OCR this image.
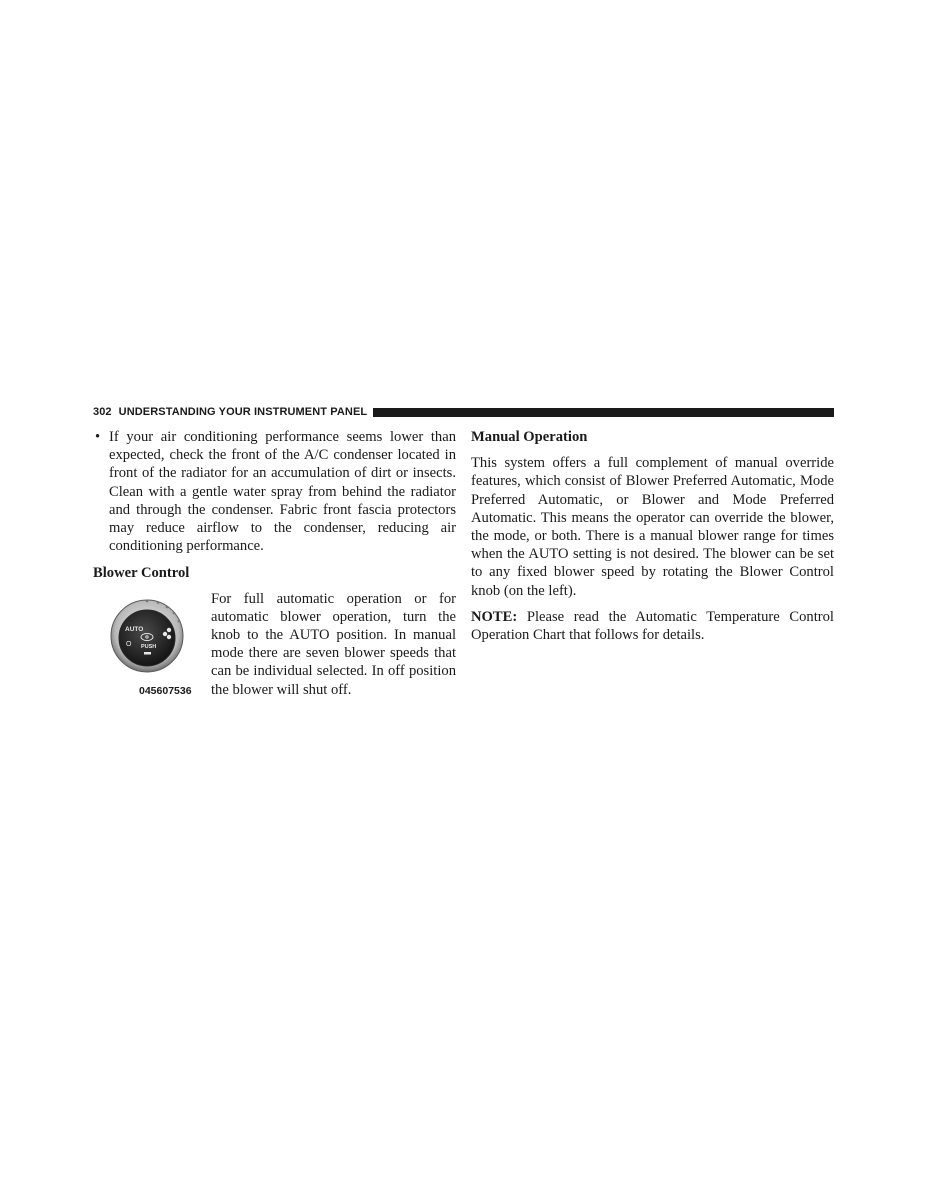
302 UNDERSTANDING YOUR INSTRUMENT PANEL

• If your air conditioning performance seems lower than expected, check the front of the A/C condenser located in front of the radiator for an accumulation of dirt or insects. Clean with a gentle water spray from behind the radiator and through the condenser. Fabric front fascia protectors may reduce airflow to the condenser, reducing air conditioning performance.

Blower Control
AUTO
O PUSH
045607536

For full automatic operation or for automatic blower operation, turn the knob to the AUTO position. In manual mode there are seven blower speeds that can be individual selected. In off position the blower will shut off.

Manual Operation

This system offers a full complement of manual override features, which consist of Blower Preferred Automatic, Mode Preferred Automatic, or Blower and Mode Preferred Automatic. This means the operator can override the blower, the mode, or both. There is a manual blower range for times when the AUTO setting is not desired. The blower can be set to any fixed blower speed by rotating the Blower Control knob (on the left).

NOTE: Please read the Automatic Temperature Control Operation Chart that follows for details.
